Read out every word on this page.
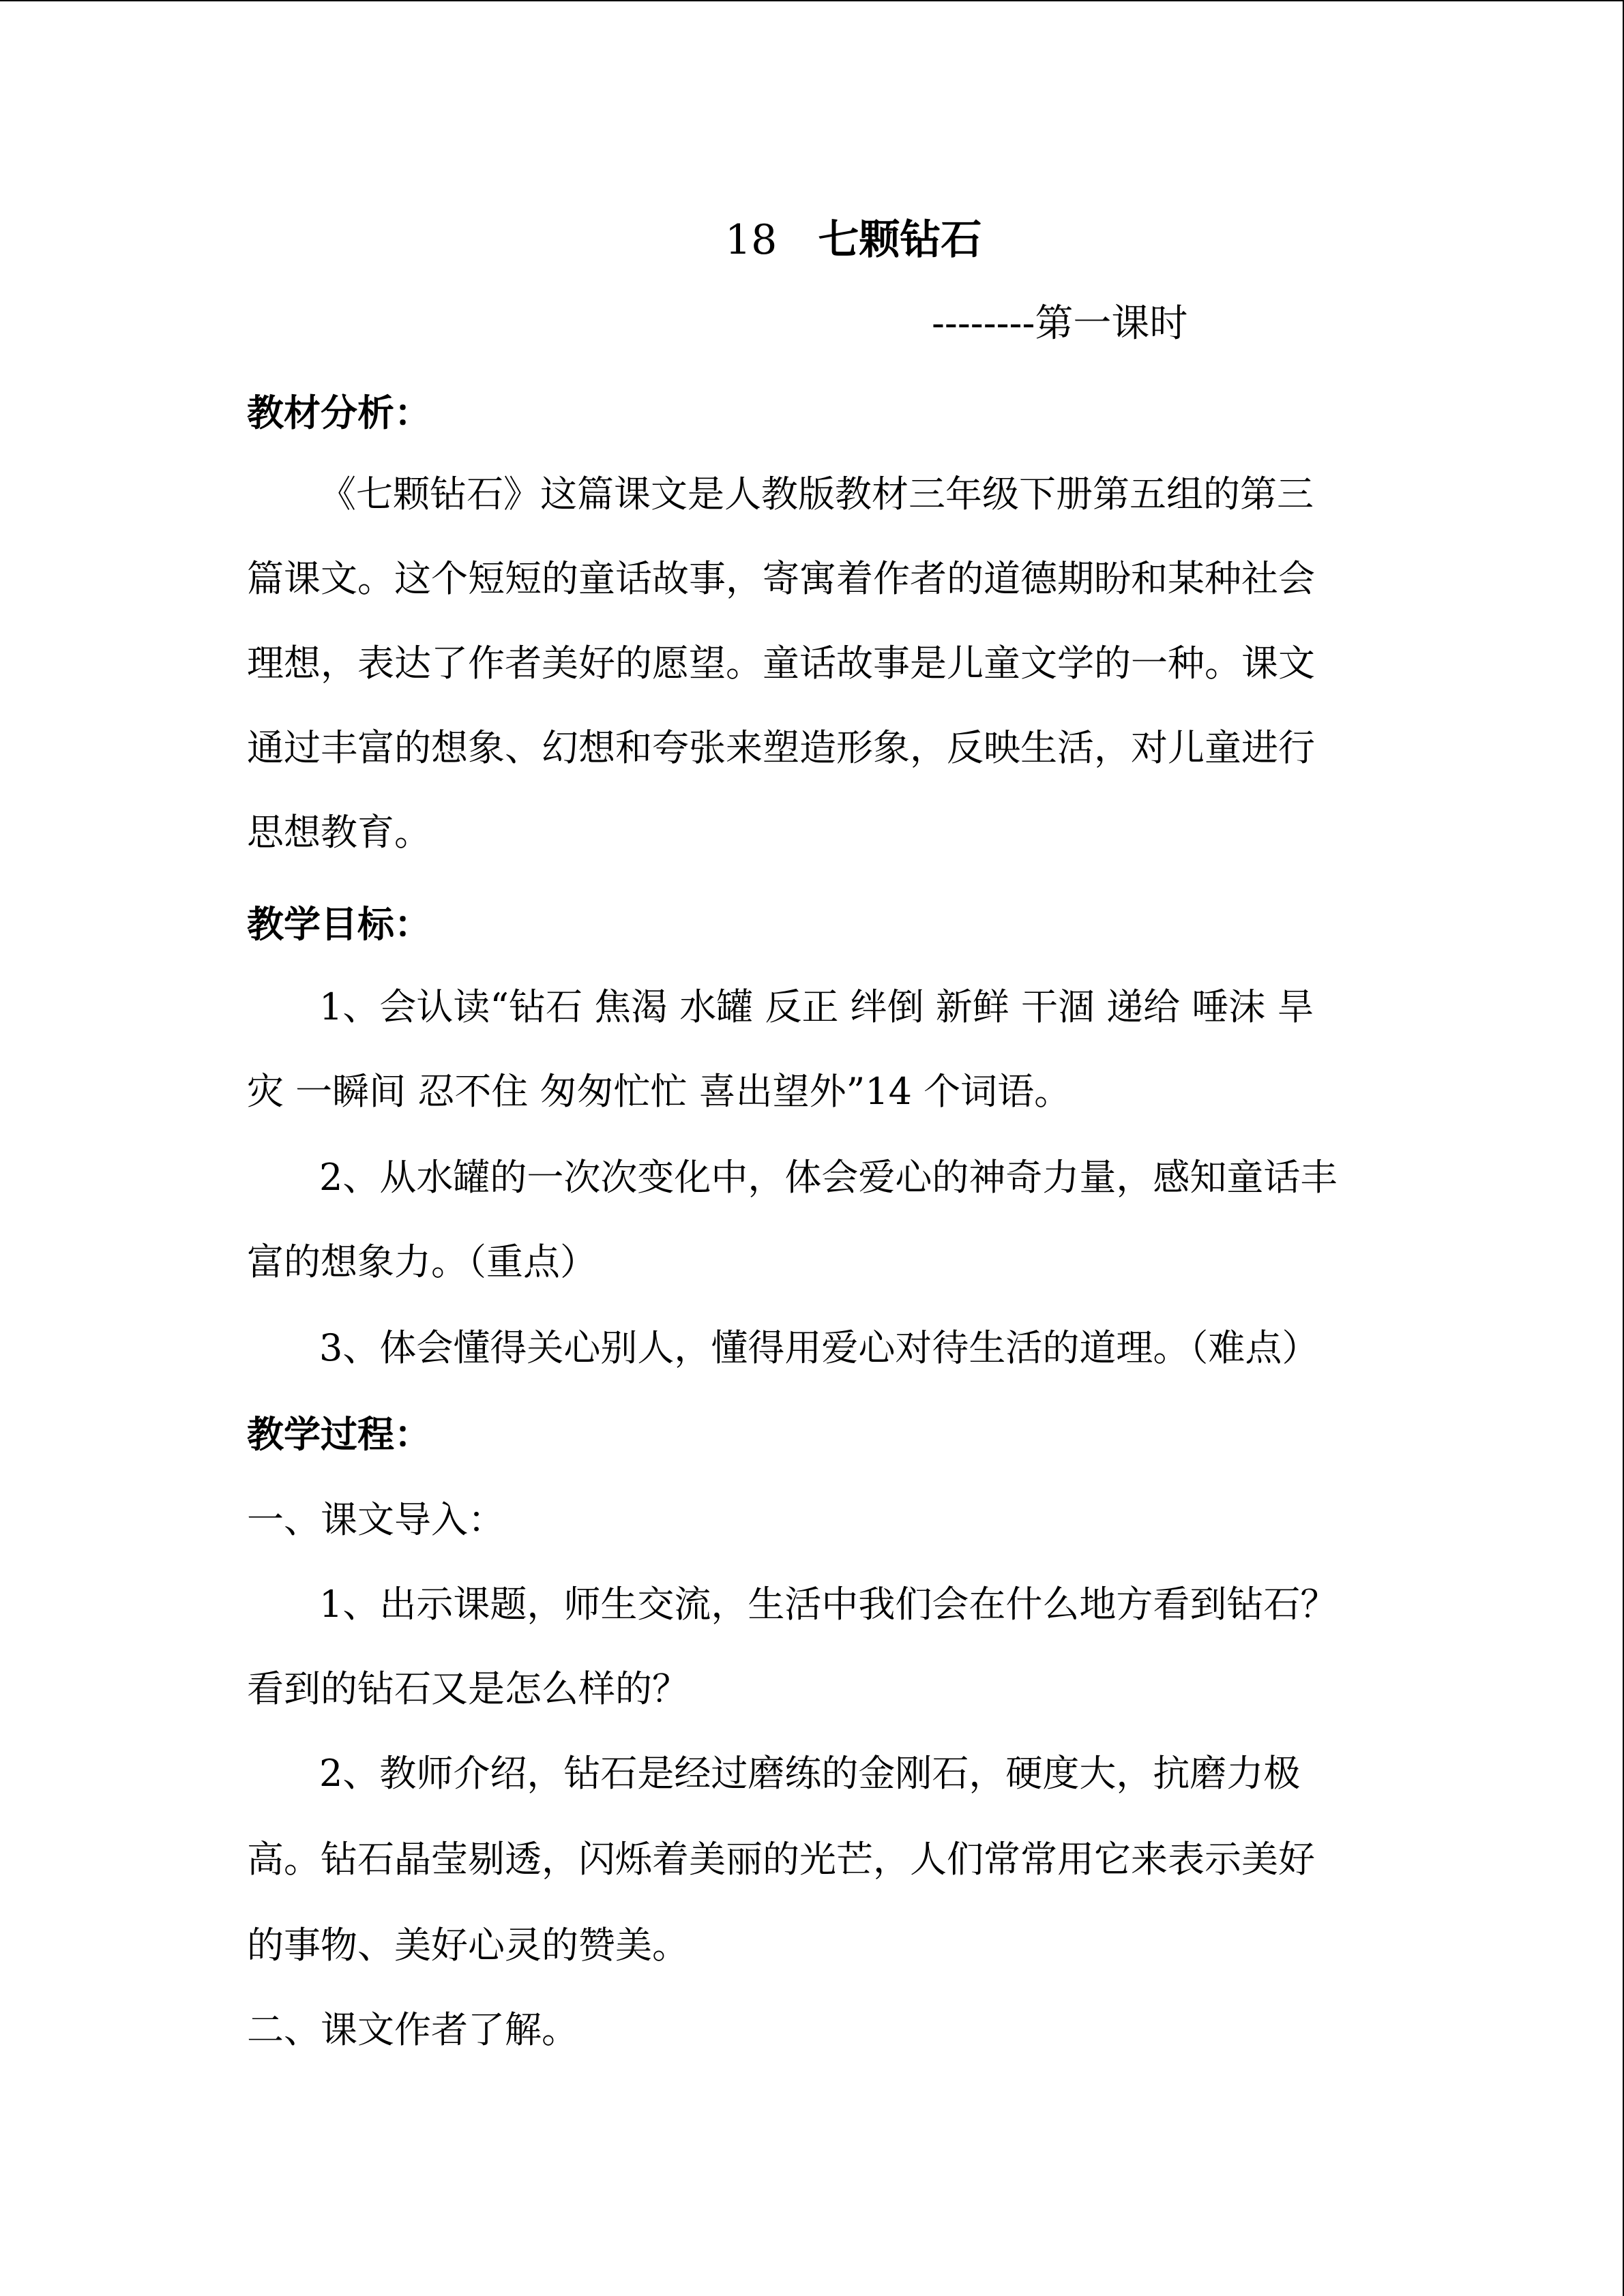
18 七颗钻石
--------第一课时
教材分析：
《七颗钻石》这篇课文是人教版教材三年级下册第五组的第三
篇课文。这个短短的童话故事，寄寓着作者的道德期盼和某种社会
理想，表达了作者美好的愿望。童话故事是儿童文学的一种。课文
通过丰富的想象、幻想和夸张来塑造形象，反映生活，对儿童进行
思想教育。
教学目标：
1、会认读“钻石 焦渴 水罐 反正 绊倒 新鲜 干涸 递给 唾沫 旱
灾 一瞬间 忍不住 匆匆忙忙 喜出望外”14 个词语。
2、从水罐的一次次变化中，体会爱心的神奇力量，感知童话丰
富的想象力。（重点）
3、体会懂得关心别人，懂得用爱心对待生活的道理。（难点）
教学过程：
一、课文导入：
1、出示课题，师生交流，生活中我们会在什么地方看到钻石？
看到的钻石又是怎么样的？
2、教师介绍，钻石是经过磨练的金刚石，硬度大，抗磨力极
高。钻石晶莹剔透，闪烁着美丽的光芒，人们常常用它来表示美好
的事物、美好心灵的赞美。
二、课文作者了解。
